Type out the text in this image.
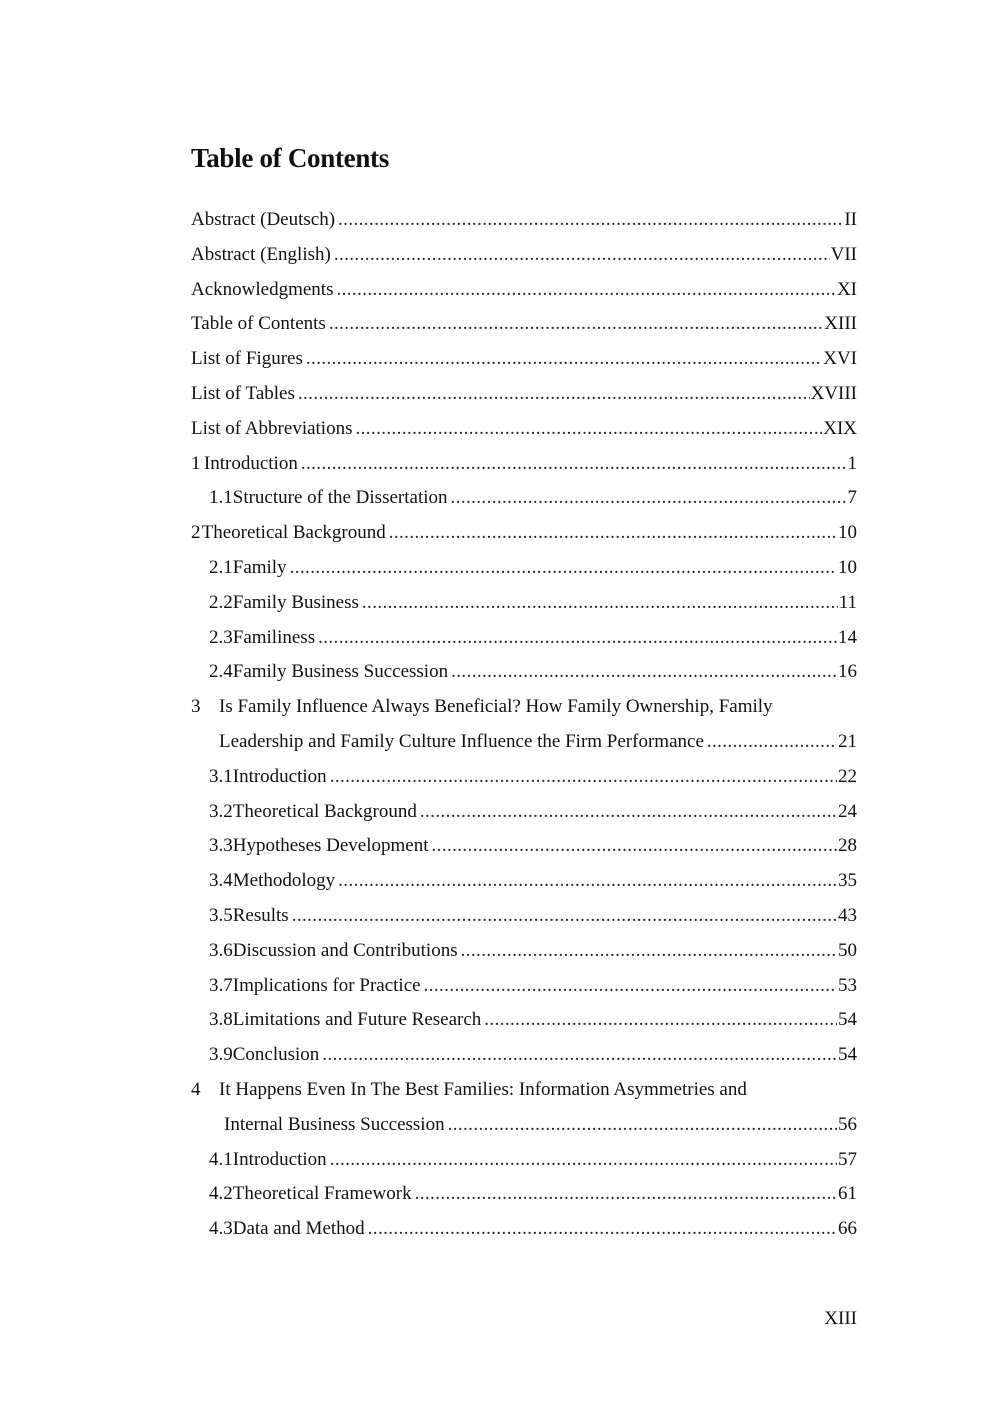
Table of Contents
Abstract (Deutsch) .....	II
Abstract (English) .....	VII
Acknowledgments .....	XI
Table of Contents .....	XIII
List of Figures .....	XVI
List of Tables .....	XVIII
List of Abbreviations .....	XIX
1 Introduction .....	1
1.1 Structure of the Dissertation .....	7
2 Theoretical Background .....	10
2.1 Family .....	10
2.2 Family Business .....	11
2.3 Familiness .....	14
2.4 Family Business Succession .....	16
3 Is Family Influence Always Beneficial? How Family Ownership, Family
Leadership and Family Culture Influence the Firm Performance .....	21
3.1 Introduction .....	22
3.2 Theoretical Background .....	24
3.3 Hypotheses Development .....	28
3.4 Methodology .....	35
3.5 Results .....	43
3.6 Discussion and Contributions .....	50
3.7 Implications for Practice .....	53
3.8 Limitations and Future Research .....	54
3.9 Conclusion .....	54
4 It Happens Even In The Best Families: Information Asymmetries and
Internal Business Succession .....	56
4.1 Introduction .....	57
4.2 Theoretical Framework .....	61
4.3 Data and Method .....	66
XIII
